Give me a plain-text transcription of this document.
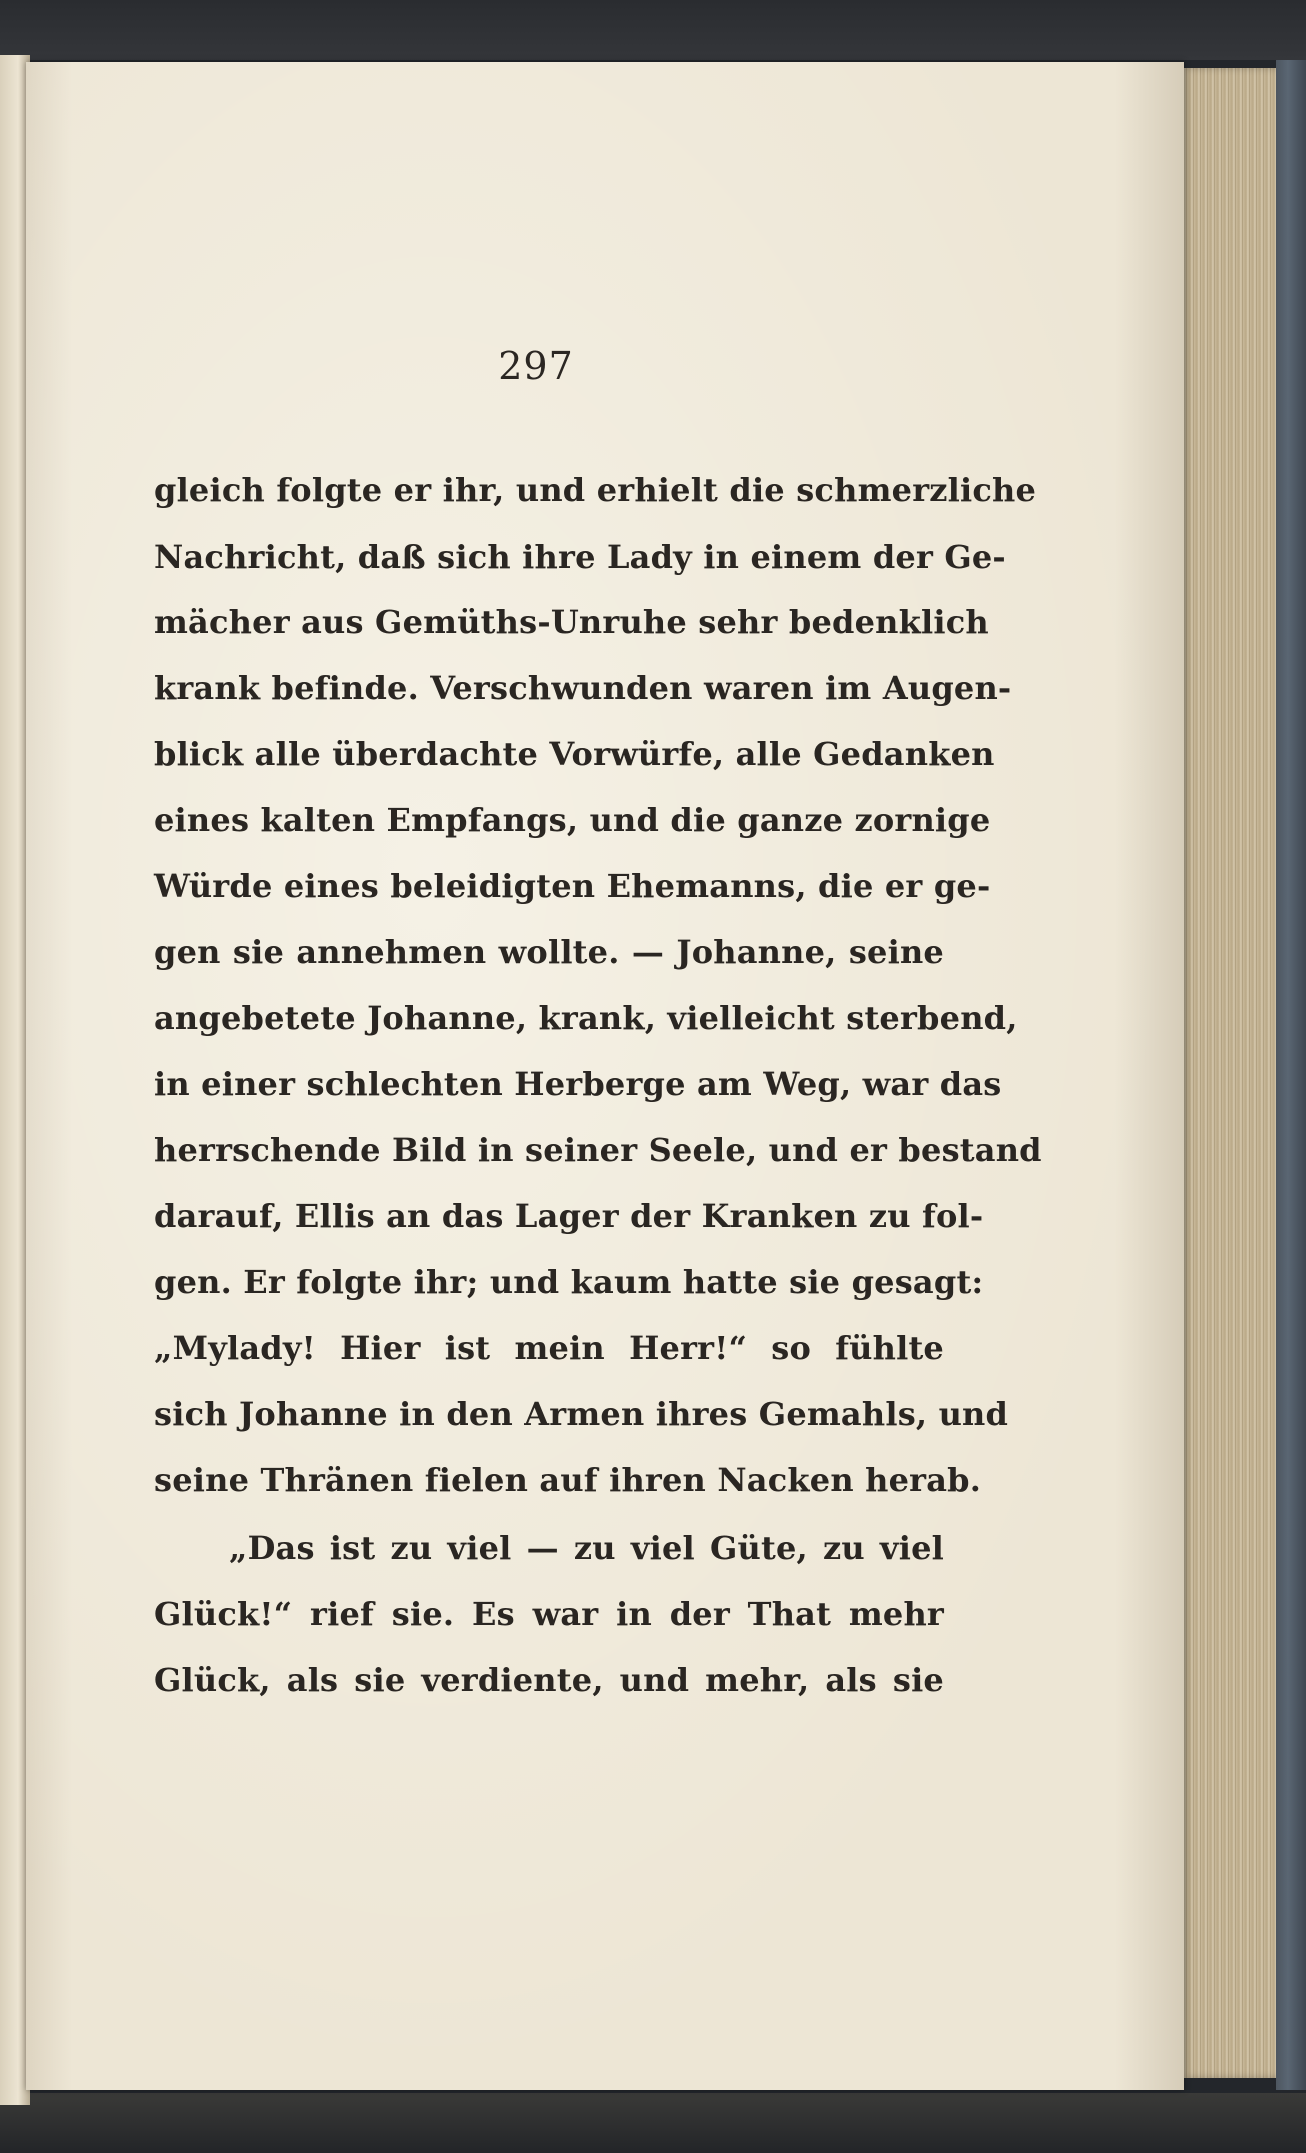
297
gleich folgte er ihr, und erhielt die schmerzliche
Nachricht, daß sich ihre Lady in einem der Ge-
mächer aus Gemüths-Unruhe sehr bedenklich
krank befinde. Verschwunden waren im Augen-
blick alle überdachte Vorwürfe, alle Gedanken
eines kalten Empfangs, und die ganze zornige
Würde eines beleidigten Ehemanns, die er ge-
gen sie annehmen wollte. — Johanne, seine
angebetete Johanne, krank, vielleicht sterbend,
in einer schlechten Herberge am Weg, war das
herrschende Bild in seiner Seele, und er bestand
darauf, Ellis an das Lager der Kranken zu fol-
gen. Er folgte ihr; und kaum hatte sie gesagt:
„Mylady! Hier ist mein Herr!“ so fühlte
sich Johanne in den Armen ihres Gemahls, und
seine Thränen fielen auf ihren Nacken herab.
„Das ist zu viel — zu viel Güte, zu viel
Glück!“ rief sie. Es war in der That mehr
Glück, als sie verdiente, und mehr, als sie
